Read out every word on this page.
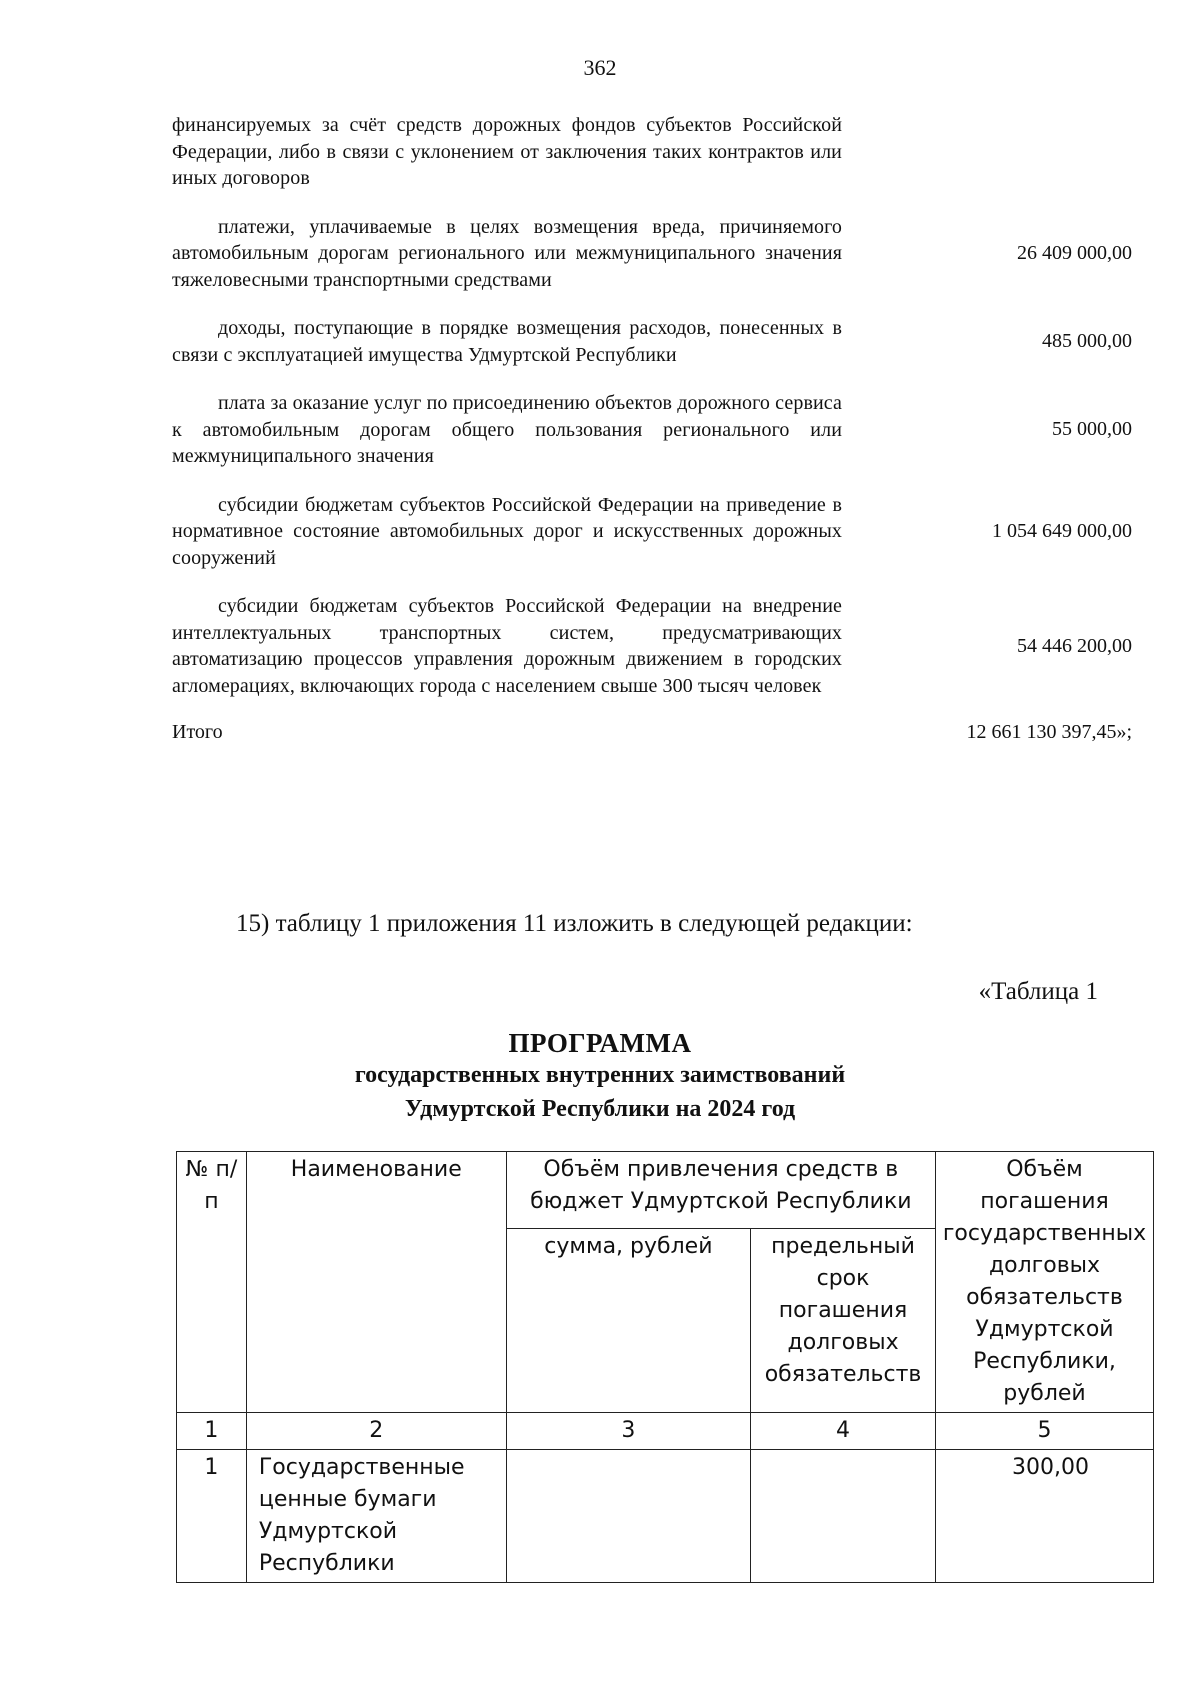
362
финансируемых за счёт средств дорожных фондов субъектов Российской Федерации, либо в связи с уклонением от заключения таких контрактов или иных договоров
платежи, уплачиваемые в целях возмещения вреда, причиняемого автомобильным дорогам регионального или межмуниципального значения тяжеловесными транспортными средствами
26 409 000,00
доходы, поступающие в порядке возмещения расходов, понесенных в связи с эксплуатацией имущества Удмуртской Республики
485 000,00
плата за оказание услуг по присоединению объектов дорожного сервиса к автомобильным дорогам общего пользования регионального или межмуниципального значения
55 000,00
субсидии бюджетам субъектов Российской Федерации на приведение в нормативное состояние автомобильных дорог и искусственных дорожных сооружений
1 054 649 000,00
субсидии бюджетам субъектов Российской Федерации на внедрение интеллектуальных транспортных систем, предусматривающих автоматизацию процессов управления дорожным движением в городских агломерациях, включающих города с населением свыше 300 тысяч человек
54 446 200,00
Итого	12 661 130 397,45»;
15) таблицу 1 приложения 11 изложить в следующей редакции:
«Таблица 1
ПРОГРАММА
государственных внутренних заимствований
Удмуртской Республики на 2024 год
№ п/п	Наименование	Объём привлечения средств в бюджет Удмуртской Республики		Объём погашения государственных долговых обязательств Удмуртской Республики, рублей
		сумма, рублей	предельный срок погашения долговых обязательств	
1	2	3	4	5
1	Государственные ценные бумаги Удмуртской Республики			300,00
